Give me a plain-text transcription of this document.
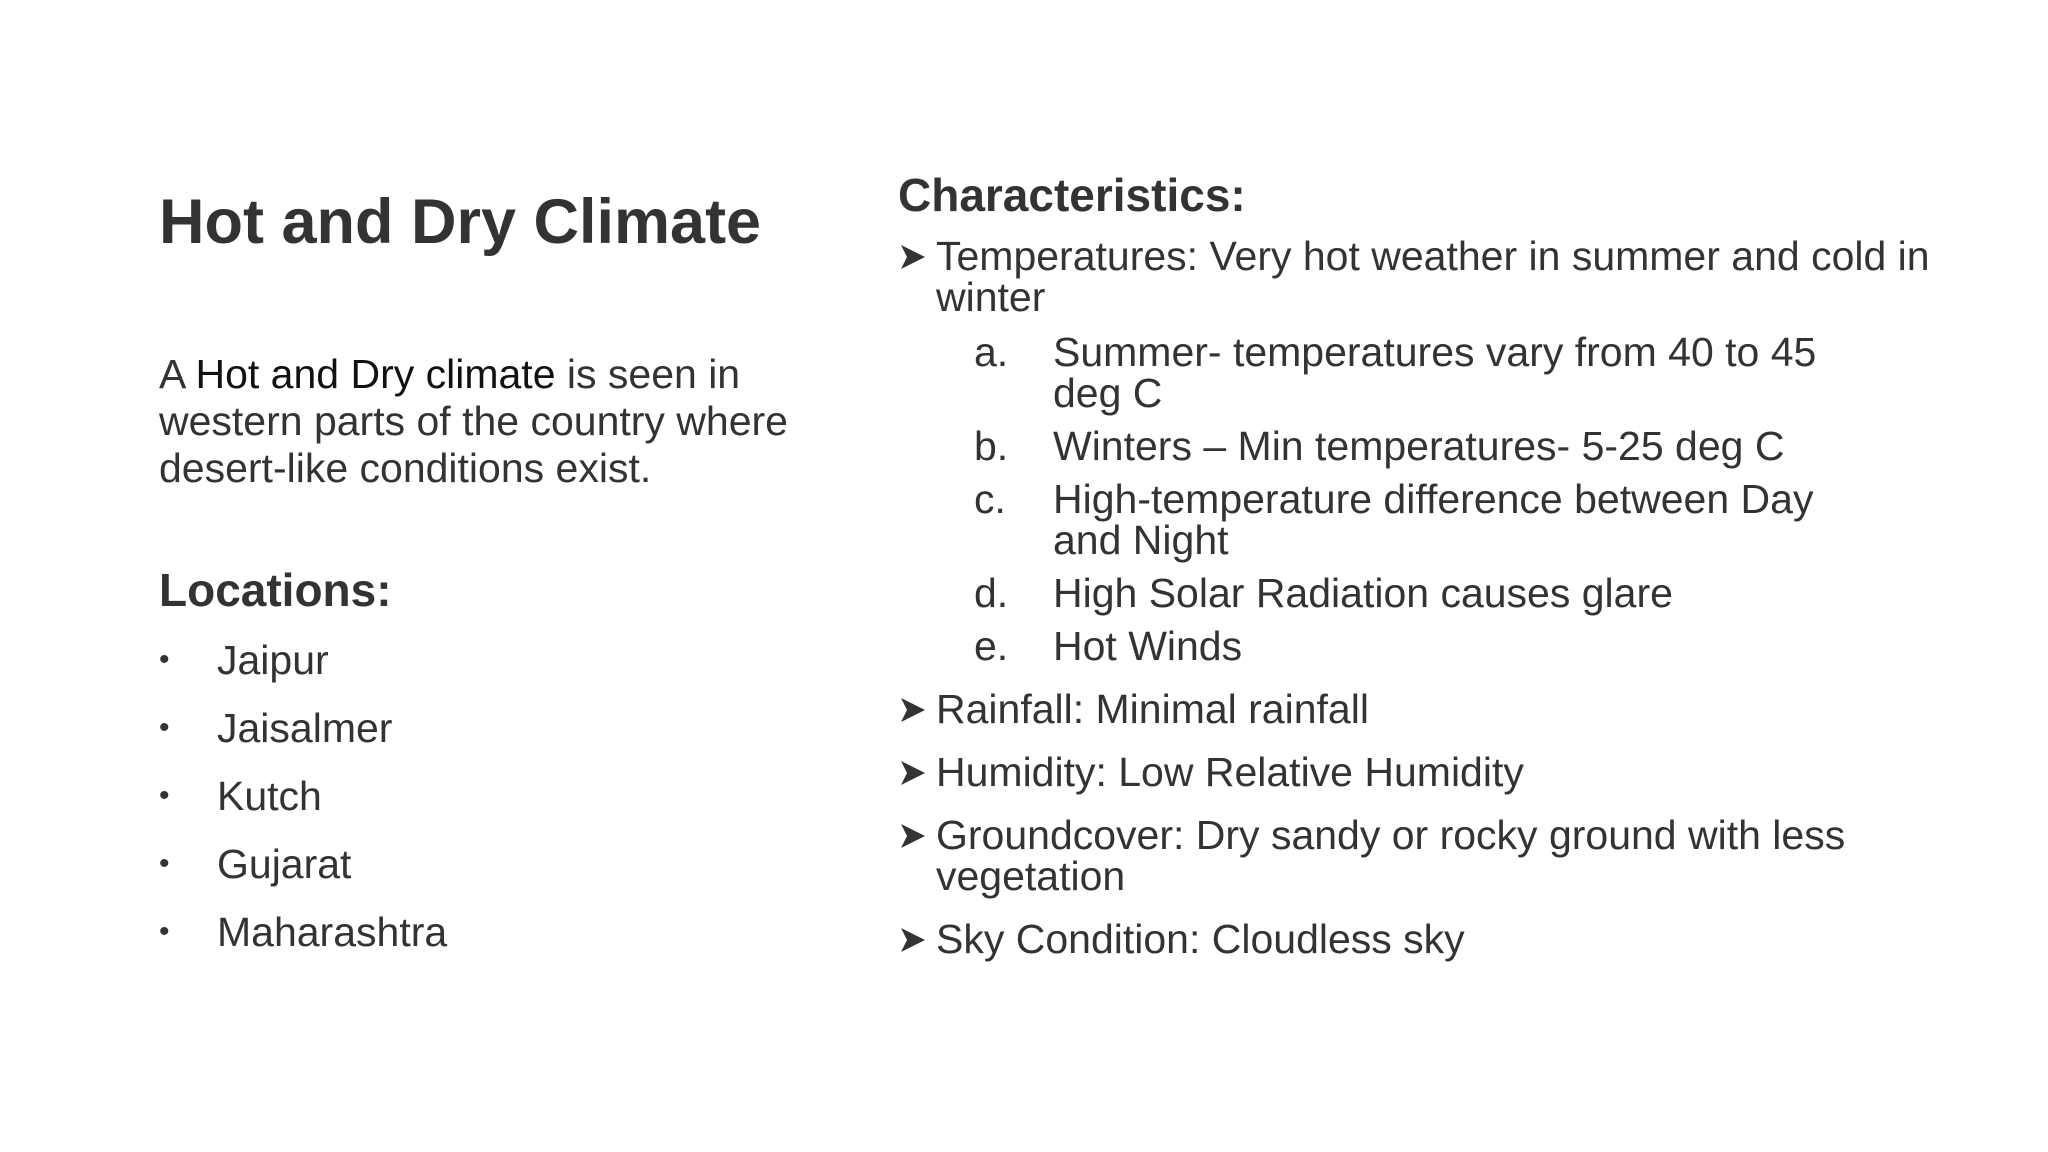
Hot and Dry Climate

A Hot and Dry climate is seen in western parts of the country where desert-like conditions exist.

Locations:
• Jaipur
• Jaisalmer
• Kutch
• Gujarat
• Maharashtra
Characteristics:
Temperatures: Very hot weather in summer and cold in winter
a. Summer- temperatures vary from 40 to 45 deg C
b. Winters – Min temperatures- 5-25 deg C
c. High-temperature difference between Day and Night
d. High Solar Radiation causes glare
e. Hot Winds
Rainfall: Minimal rainfall
Humidity: Low Relative Humidity
Groundcover: Dry sandy or rocky ground with less vegetation
Sky Condition: Cloudless sky
